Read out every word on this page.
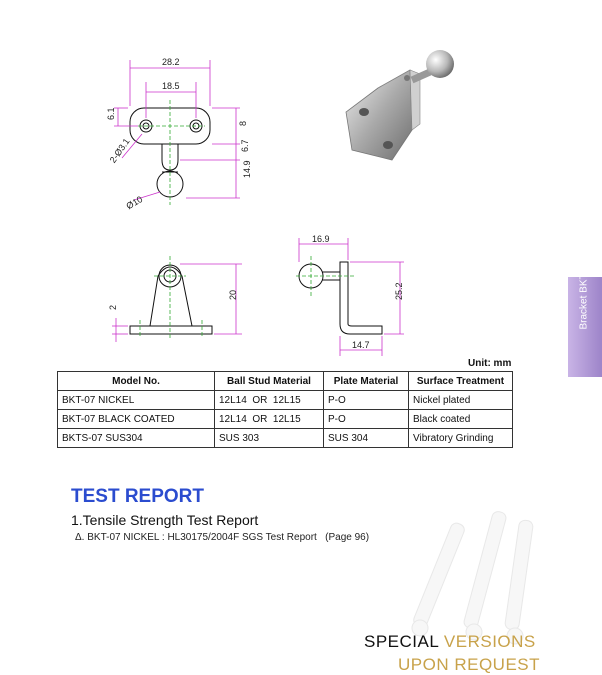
28.2
18.5
6.1
8
6.7
14.9
2-Ø3.1
Ø10
2
20
16.9
25.2
14.7
Bracket BKT-07
Unit: mm
Model No.	Ball Stud Material	Plate Material	Surface Treatment
BKT-07 NICKEL	12L14  OR  12L15	P-O	Nickel plated
BKT-07 BLACK COATED	12L14  OR  12L15	P-O	Black coated
BKTS-07 SUS304	SUS 303	SUS 304	Vibratory Grinding
TEST REPORT
1.Tensile Strength Test Report
Δ. BKT-07 NICKEL : HL30175/2004F SGS Test Report   (Page 96)
SPECIAL VERSIONS
UPON REQUEST
